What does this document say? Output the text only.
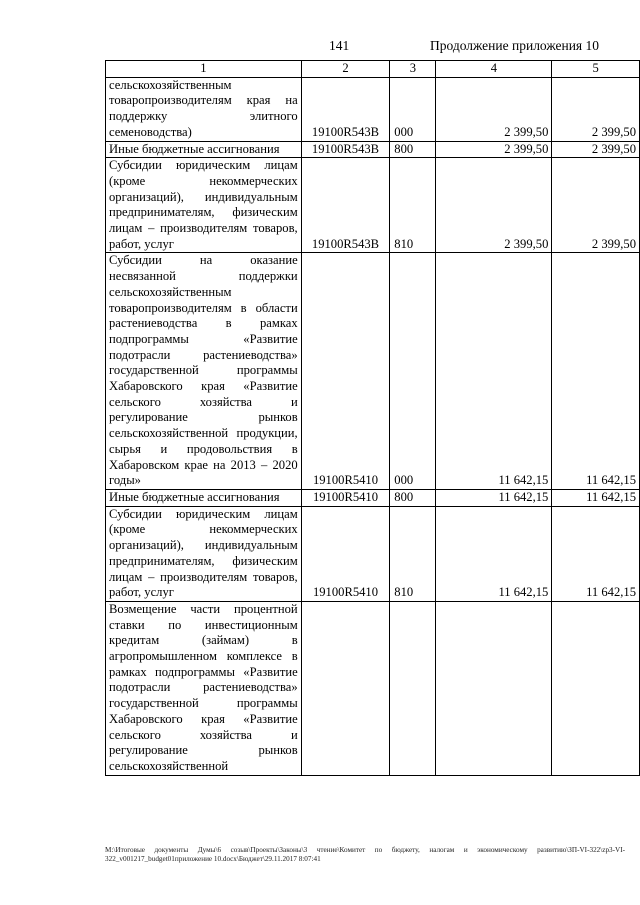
141	Продолжение приложения 10
1	2	3	4	5
сельскохозяйственным товаропроизводителям края на поддержку элитного семеноводства)	19100R543В	000	2 399,50	2 399,50
Иные бюджетные ассигнования	19100R543В	800	2 399,50	2 399,50
Субсидии юридическим лицам (кроме некоммерческих организаций), индивидуальным предпринимателям, физическим лицам – производителям товаров, работ, услуг	19100R543В	810	2 399,50	2 399,50
Субсидии на оказание несвязанной поддержки сельскохозяйственным товаропроизводителям в области растениеводства в рамках подпрограммы «Развитие подотрасли растениеводства» государственной программы Хабаровского края «Развитие сельского хозяйства и регулирование рынков сельскохозяйственной продукции, сырья и продовольствия в Хабаровском крае на 2013 – 2020 годы»	19100R5410	000	11 642,15	11 642,15
Иные бюджетные ассигнования	19100R5410	800	11 642,15	11 642,15
Субсидии юридическим лицам (кроме некоммерческих организаций), индивидуальным предпринимателям, физическим лицам – производителям товаров, работ, услуг	19100R5410	810	11 642,15	11 642,15
Возмещение части процентной ставки по инвестиционным кредитам (займам) в агропромышленном комплексе в рамках подпрограммы «Развитие подотрасли растениеводства» государственной программы Хабаровского края «Развитие сельского хозяйства и регулирование рынков сельскохозяйственной				
M:\Итоговые документы Думы\6 созыв\Проекты\Законы\3 чтение\Комитет по бюджету, налогам и экономическому развитию\ЗП-VI-322\zp3-VI-322_v001217_budget01приложение 10.docx\Бюджет\29.11.2017 8:07:41
